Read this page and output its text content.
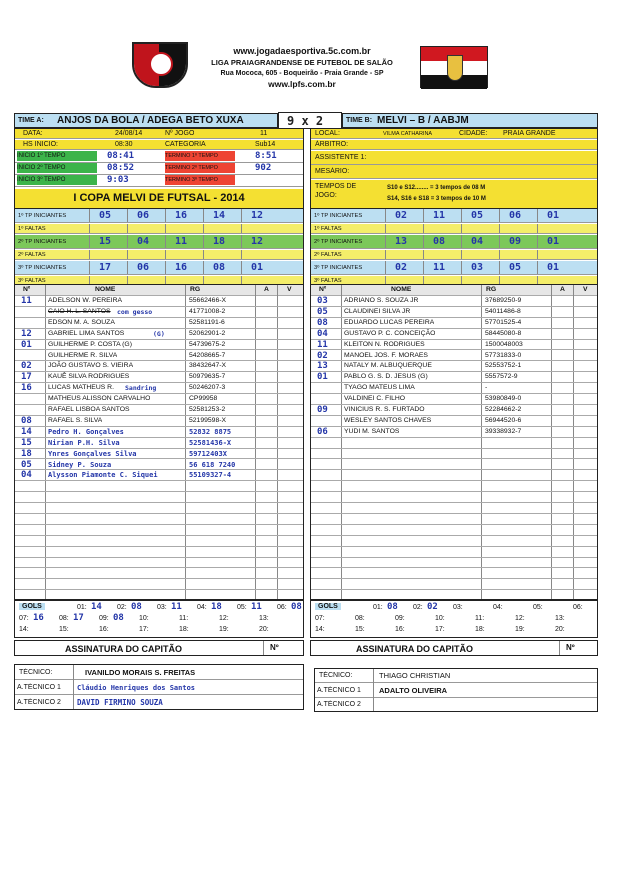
www.jogadaesportiva.5c.com.br
LIGA PRAIAGRANDENSE DE FUTEBOL DE SALÃO
Rua Mococa, 605 - Boqueirão - Praia Grande - SP
www.lpfs.com.br
TIME A: ANJOS DA BOLA / ADEGA BETO XUXA	9 x 2	TIME B: MELVI – B / AABJM
DATA:	24/08/14	Nº JOGO	11
HS INICIO:	08:30	CATEGORIA	Sub14
INICIO 1º TEMPO	08:41	TERMINO 1º TEMPO	8:51
INICIO 2º TEMPO	08:52	TERMINO 2º TEMPO	902
INICIO 3º TEMPO	9:03	TERMINO 3º TEMPO
I COPA MELVI DE FUTSAL - 2014
LOCAL:	VILMA CATHARINA	CIDADE: PRAIA GRANDE
ÁRBITRO:
ASSISTENTE 1:
MESÁRIO:
TEMPOS DE JOGO:
S10 e S12........ = 3 tempos de 08 M
S14, S16 e S18 = 3 tempos de 10 M
1º TP INICIANTES	05	06	16	14	12
1º FALTAS
2º TP INICIANTES	15	04	11	18	12
2º FALTAS
3º TP INICIANTES	17	06	16	08	01
3º FALTAS
1º TP INICIANTES	02	11	05	06	01
1º FALTAS
2º TP INICIANTES	13	08	04	09	01
2º FALTAS
3º TP INICIANTES	02	11	03	05	01
3º FALTAS
Nº	NOME	RG	A	V
11 ADELSON W. PEREIRA	55662466-X
CAIO H. L. SANTOS com gesso	41771008-2
EDSON M. A. SOUZA	52581191-6
12 GABRIEL LIMA SANTOS	(G)	52062901-2
01 GUILHERME P. COSTA (G)	54739675-2
GUILHERME R. SILVA	54208665-7
02 JOÃO GUSTAVO S. VIEIRA	38432647-X
17 KAUÊ SILVA RODRIGUES	50979635-7
16 LUCAS MATHEUS R. Sandring	50246207-3
MATHEUS ALISSON CARVALHO	CP99958
RAFAEL LISBOA SANTOS	52581253-2
08 RAFAEL S. SILVA	52199598-X
14 Pedro H. Gonçalves	52832 8875
15 Nirian P.H. Silva	52581436-X
18 Ynres Gonçalves Silva	59712403X
05 Sidney P. Souza	56 618 7240
04 Alysson Piamonte C. Siquei	55109327-4
Nº	NOME	RG	A	V
03 ADRIANO S. SOUZA JR	37689250-9
05 CLAUDINEI SILVA JR	54011486-8
08 EDUARDO LUCAS PEREIRA	57701525-4
04 GUSTAVO P. C. CONCEIÇÃO	58445080-8
11 KLEITON N. RODRIGUES	1500048003
02 MANOEL JOS. F. MORAES	57731833-0
13 NATALY M. ALBUQUERQUE	52553752-1
01 PABLO G. S. D. JESUS (G)	5557572-9
TYAGO MATEUS LIMA	-
VALDINEI C. FILHO	53980849-0
09 VINICIUS R. S. FURTADO	52284662-2
WESLEY SANTOS CHAVES	56944520-6
06 YUDI M. SANTOS	39338932-7
GOLS	01: 14 02: 08 03: 11 04: 18 05: 11 06: 08
07: 16 08: 17 09: 08 10:	11:	12:	13:
14:	15:	16:	17:	18:	19:	20:
GOLS	01: 08 02: 02 03:	04:	05:	06:
07:	08:	09:	10:	11:	12:	13:
14:	15:	16:	17:	18:	19:	20:
ASSINATURA DO CAPITÃO	Nº	ASSINATURA DO CAPITÃO	Nº
TÉCNICO:	IVANILDO MORAIS S. FREITAS
A.TÉCNICO 1 Cláudio Henriques dos Santos
A.TÉCNICO 2 DAVID FIRMINO SOUZA
TÉCNICO:	THIAGO CHRISTIAN
A.TÉCNICO 1 ADALTO OLIVEIRA
A.TÉCNICO 2
